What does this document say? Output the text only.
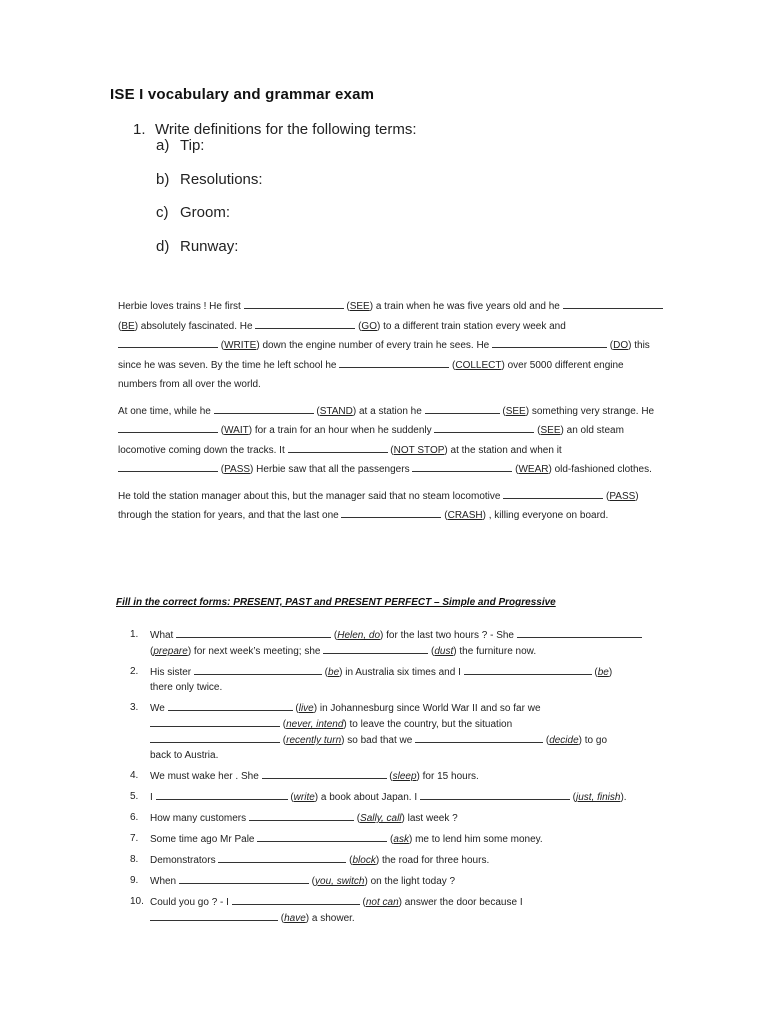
ISE I vocabulary and grammar exam
1. Write definitions for the following terms:
a) Tip:
b) Resolutions:
c) Groom:
d) Runway:
Herbie loves trains ! He first	(SEE) a train when he was five years old and he
(BE) absolutely fascinated. He	(GO) to a different train station every week and
(WRITE) down the engine number of every train he sees. He	(DO) this
since he was seven. By the time he left school he	(COLLECT) over 5000 different engine
numbers from all over the world.
At one time, while he	(STAND) at a station he	(SEE) something very strange. He
(WAIT) for a train for an hour when he suddenly	(SEE) an old steam
locomotive coming down the tracks. It	(NOT STOP) at the station and when it
(PASS) Herbie saw that all the passengers	(WEAR) old-fashioned clothes.
He told the station manager about this, but the manager said that no steam locomotive	(PASS)
through the station for years, and that the last one	(CRASH) , killing everyone on board.
Fill in the correct forms: PRESENT, PAST and PRESENT PERFECT – Simple and Progressive
1. What	(Helen, do) for the last two hours ? - She
(prepare) for next week’s meeting; she	(dust) the furniture now.
2. His sister	(be) in Australia six times and I	(be)
there only twice.
3. We	(live) in Johannesburg since World War II and so far we
(never, intend) to leave the country, but the situation
(recently turn) so bad that we	(decide) to go
back to Austria.
4. We must wake her . She	(sleep) for 15 hours.
5. I	(write) a book about Japan. I	(just, finish).
6. How many customers	(Sally, call) last week ?
7. Some time ago Mr Pale	(ask) me to lend him some money.
8. Demonstrators	(block) the road for three hours.
9. When	(you, switch) on the light today ?
10. Could you go ? - I	(not can) answer the door because I
(have) a shower.
